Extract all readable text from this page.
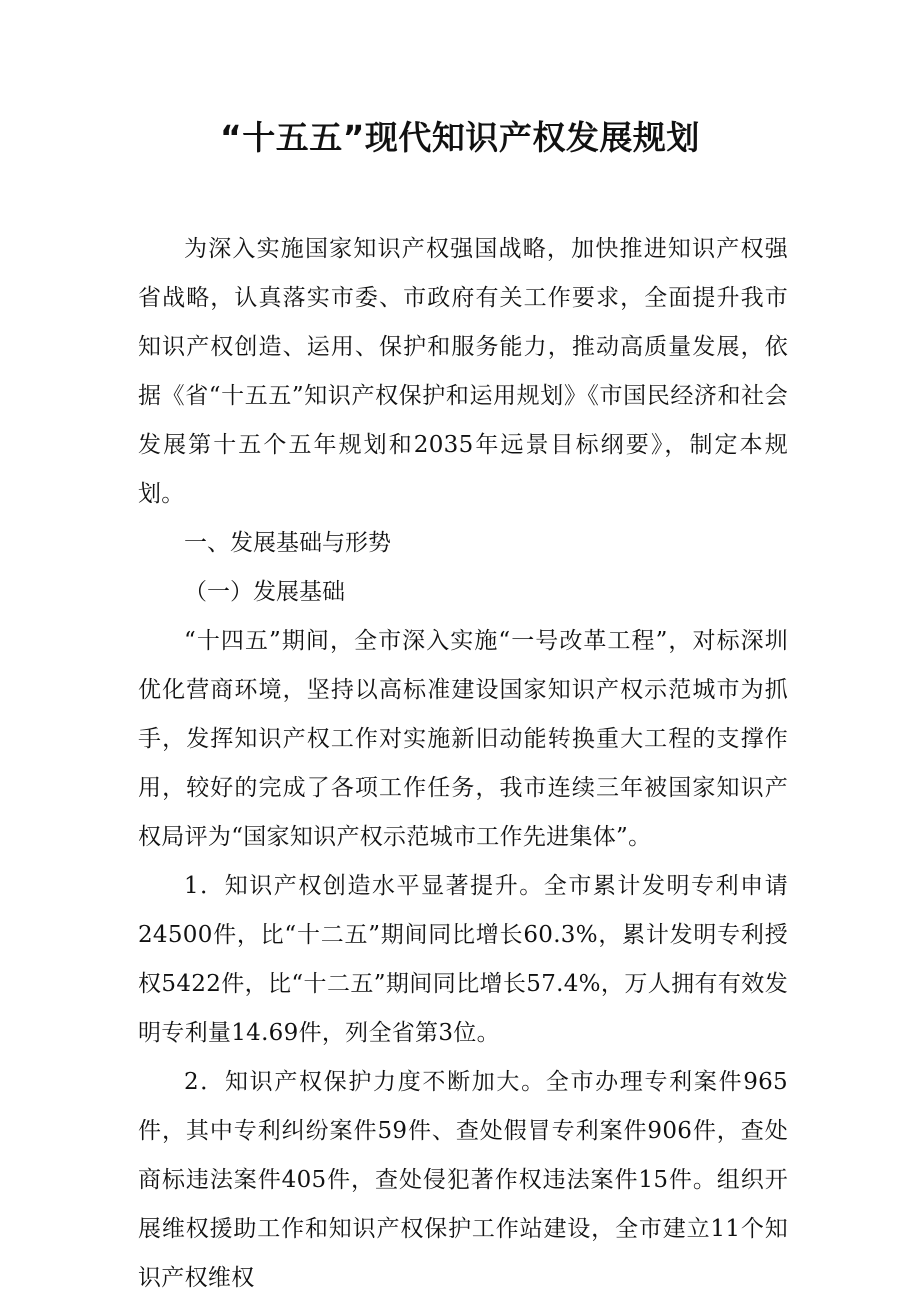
“十五五”现代知识产权发展规划

为深入实施国家知识产权强国战略，加快推进知识产权强省战略，认真落实市委、市政府有关工作要求，全面提升我市知识产权创造、运用、保护和服务能力，推动高质量发展，依据《省“十五五”知识产权保护和运用规划》《市国民经济和社会发展第十五个五年规划和2035年远景目标纲要》，制定本规划。

一、发展基础与形势

（一）发展基础

“十四五”期间，全市深入实施“一号改革工程”，对标深圳优化营商环境，坚持以高标准建设国家知识产权示范城市为抓手，发挥知识产权工作对实施新旧动能转换重大工程的支撑作用，较好的完成了各项工作任务，我市连续三年被国家知识产权局评为“国家知识产权示范城市工作先进集体”。

1．知识产权创造水平显著提升。全市累计发明专利申请24500件，比“十二五”期间同比增长60.3%，累计发明专利授权5422件，比“十二五”期间同比增长57.4%，万人拥有有效发明专利量14.69件，列全省第3位。

2．知识产权保护力度不断加大。全市办理专利案件965件，其中专利纠纷案件59件、查处假冒专利案件906件，查处商标违法案件405件，查处侵犯著作权违法案件15件。组织开展维权援助工作和知识产权保护工作站建设，全市建立11个知识产权维权
